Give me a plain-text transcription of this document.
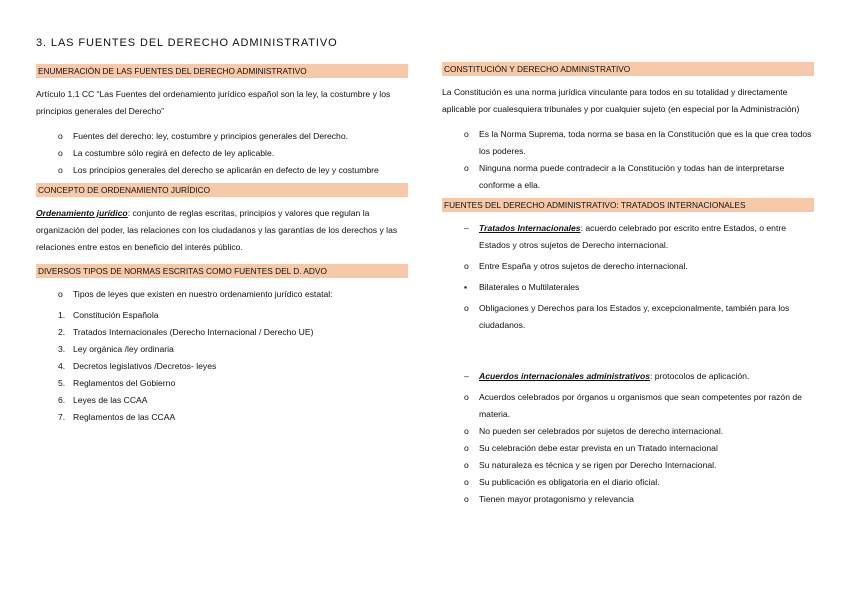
3. LAS FUENTES DEL DERECHO ADMINISTRATIVO
ENUMERACIÓN DE LAS FUENTES DEL DERECHO ADMINISTRATIVO

Artículo 1.1 CC “Las Fuentes del ordenamiento jurídico español son la ley, la costumbre y los principios generales del Derecho”

o Fuentes del derecho: ley, costumbre y principios generales del Derecho.
o La costumbre sólo regirá en defecto de ley aplicable.
o Los principios generales del derecho se aplicarán en defecto de ley y costumbre
CONCEPTO DE ORDENAMIENTO JURÍDICO

Ordenamiento jurídico: conjunto de reglas escritas, principios y valores que regulan la organización del poder, las relaciones con los ciudadanos y las garantías de los derechos y las relaciones entre estos en beneficio del interés público.

DIVERSOS TIPOS DE NORMAS ESCRITAS COMO FUENTES DEL D. ADVO
o Tipos de leyes que existen en nuestro ordenamiento jurídico estatal:
1. Constitución Española
2. Tratados Internacionales (Derecho Internacional / Derecho UE)
3. Ley orgánica /ley ordinaria
4. Decretos legislativos /Decretos- leyes
5. Reglamentos del Gobierno
6. Leyes de las CCAA
7. Reglamentos de las CCAA
CONSTITUCIÓN Y DERECHO ADMINISTRATIVO

La Constitución es una norma jurídica vinculante para todos en su totalidad y directamente aplicable por cualesquiera tribunales y por cualquier sujeto (en especial por la Administración)

o Es la Norma Suprema, toda norma se basa en la Constitución que es la que crea todos los poderes.
o Ninguna norma puede contradecir a la Constitución y todas han de interpretarse conforme a ella.
FUENTES DEL DERECHO ADMINISTRATIVO: TRATADOS INTERNACIONALES
– Tratados Internacionales: acuerdo celebrado por escrito entre Estados, o entre Estados y otros sujetos de Derecho internacional.
o Entre España y otros sujetos de derecho internacional.
▪ Bilaterales o Multilaterales
o Obligaciones y Derechos para los Estados y, excepcionalmente, también para los ciudadanos.
– Acuerdos internacionales administrativos: protocolos de aplicación.
o Acuerdos celebrados por órganos u organismos que sean competentes por razón de materia.
o No pueden ser celebrados por sujetos de derecho internacional.
o Su celebración debe estar prevista en un Tratado internacional
o Su naturaleza es técnica y se rigen por Derecho Internacional.
o Su publicación es obligatoria en el diario oficial.
o Tienen mayor protagonismo y relevancia
